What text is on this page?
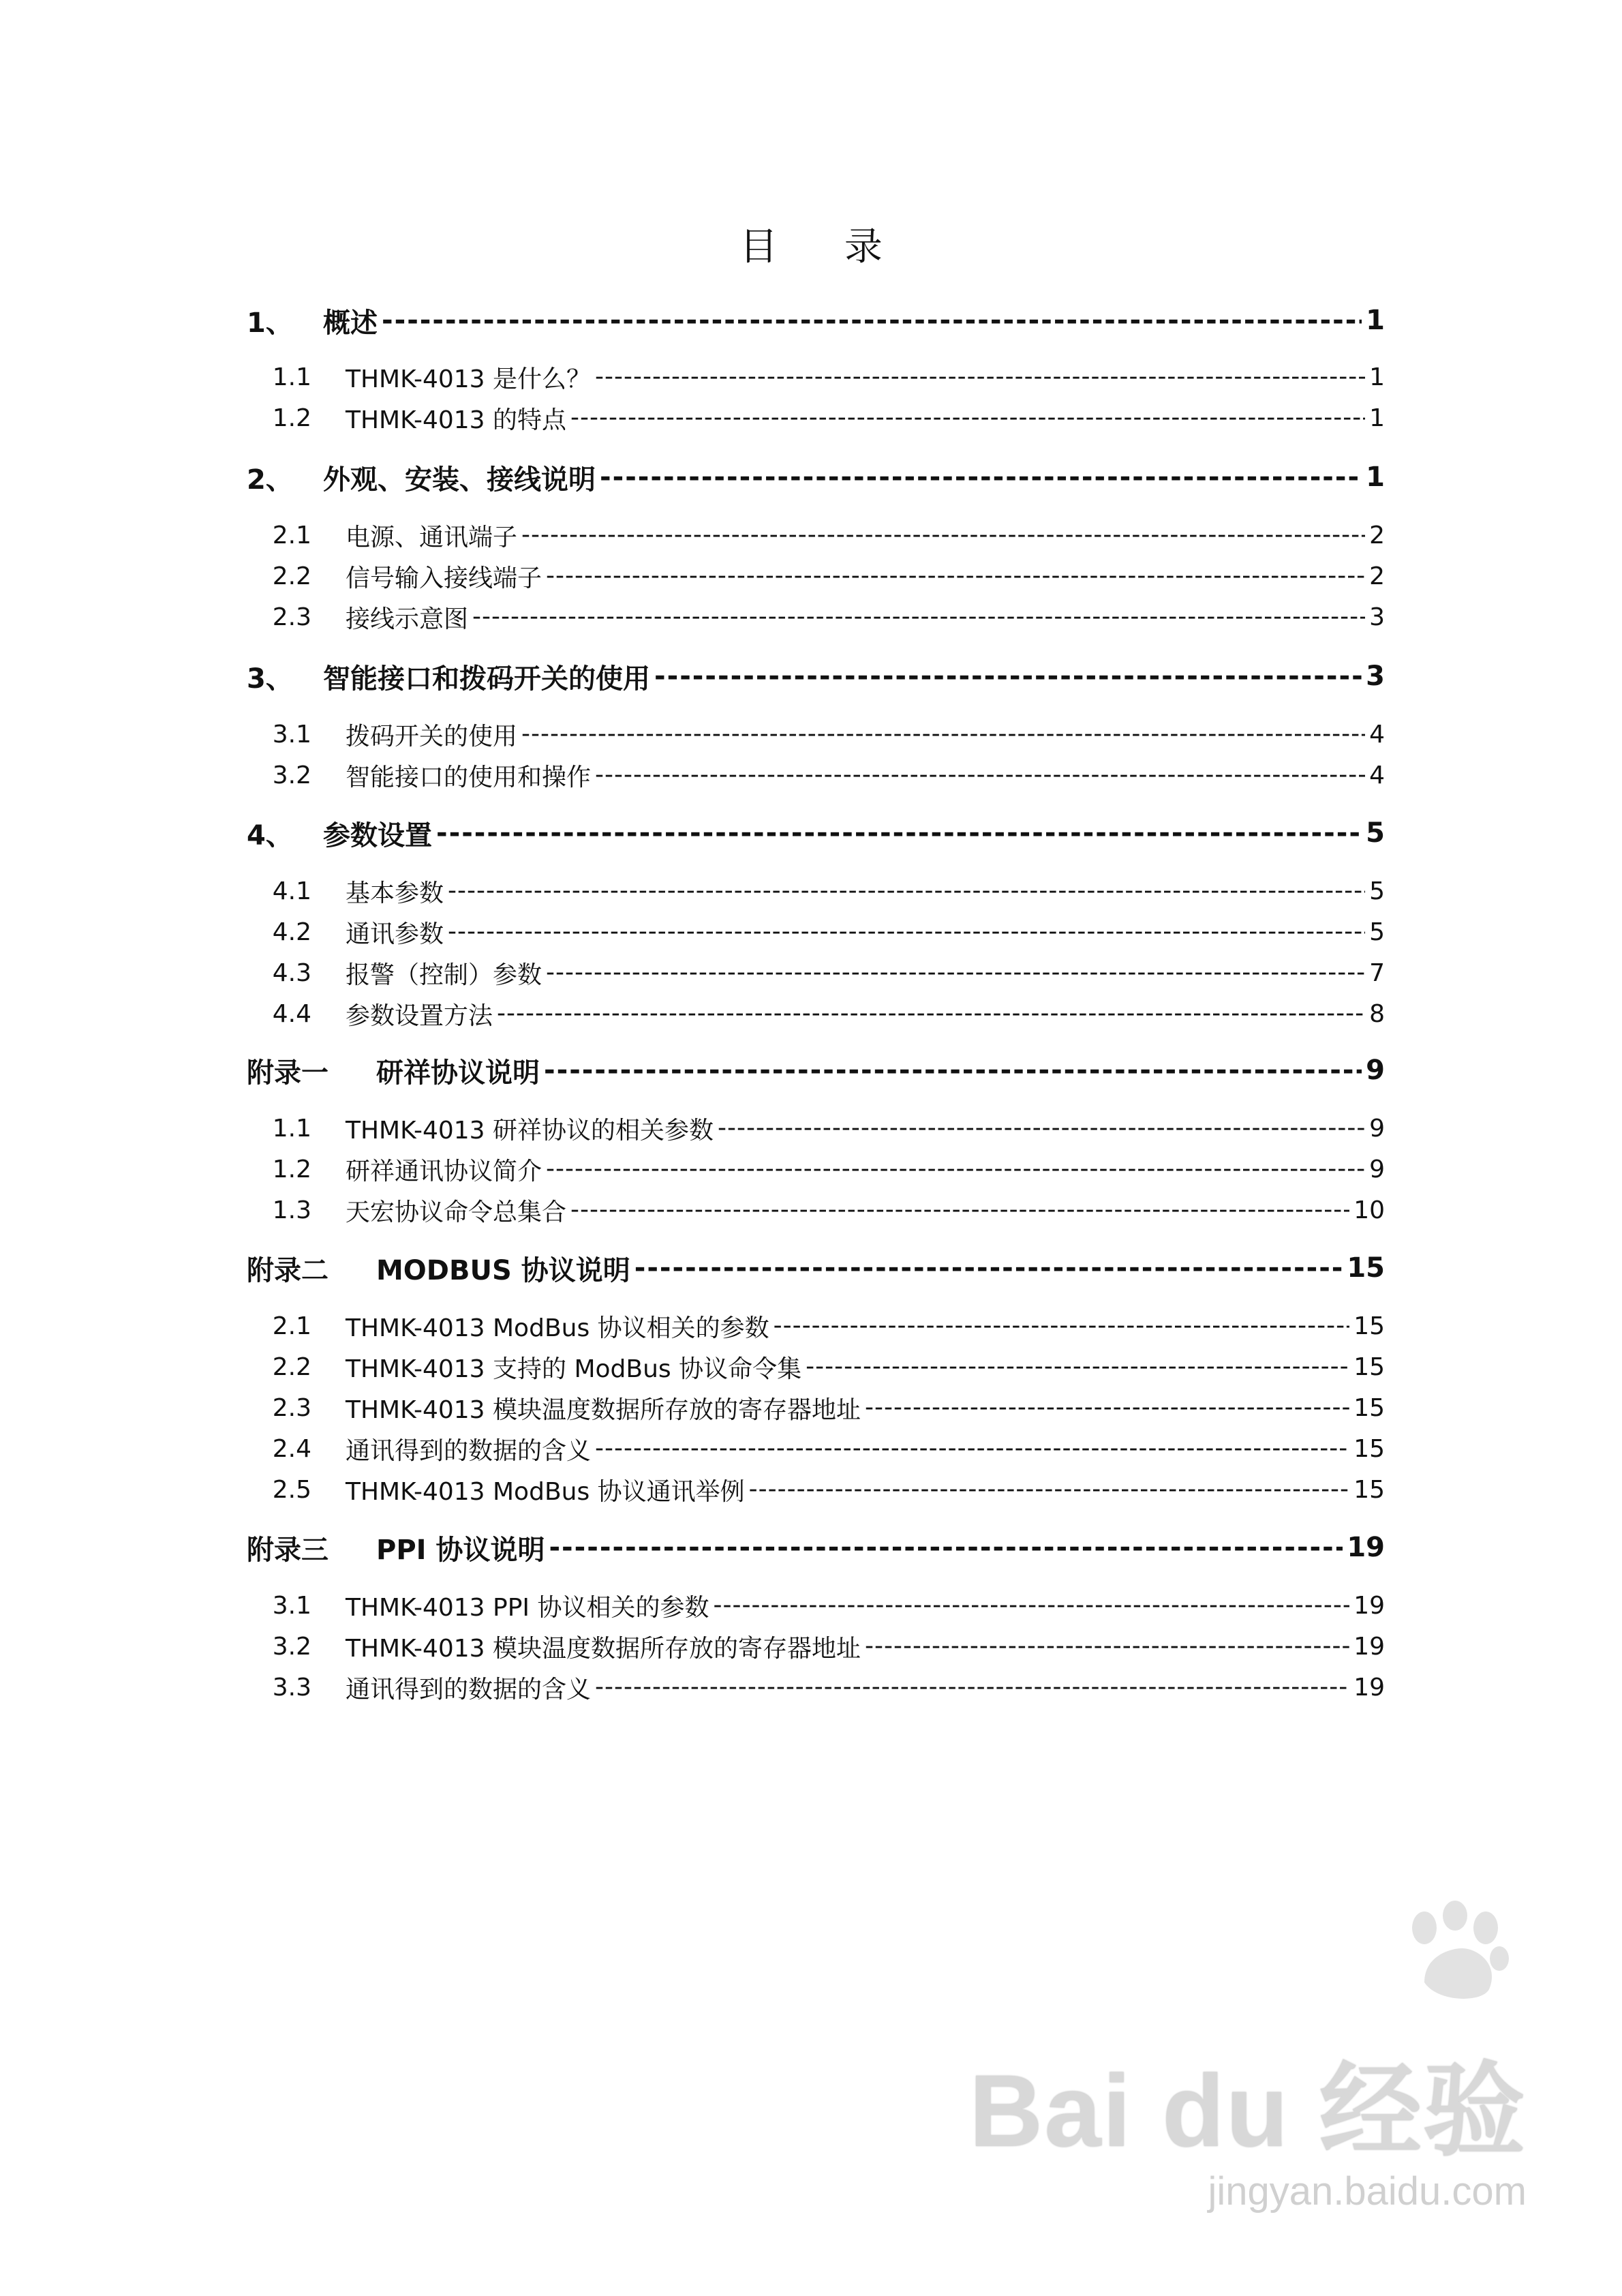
目 录
1、	概述 -----	1
1.1	THMK-4013 是什么？ -----	1
1.2	THMK-4013 的特点 -----	1
2、	外观、安装、接线说明 -----	1
2.1	电源、通讯端子 -----	2
2.2	信号输入接线端子 -----	2
2.3	接线示意图 -----	3
3、	智能接口和拨码开关的使用 -----	3
3.1	拨码开关的使用 -----	4
3.2	智能接口的使用和操作 -----	4
4、	参数设置 -----	5
4.1	基本参数 -----	5
4.2	通讯参数 -----	5
4.3	报警（控制）参数 -----	7
4.4	参数设置方法 -----	8
附录一	研祥协议说明 -----	9
1.1	THMK-4013 研祥协议的相关参数 -----	9
1.2	研祥通讯协议简介 -----	9
1.3	天宏协议命令总集合 -----	10
附录二	MODBUS 协议说明 -----	15
2.1	THMK-4013 ModBus 协议相关的参数 -----	15
2.2	THMK-4013 支持的 ModBus 协议命令集 -----	15
2.3	THMK-4013 模块温度数据所存放的寄存器地址 -----	15
2.4	通讯得到的数据的含义 -----	15
2.5	THMK-4013 ModBus 协议通讯举例 -----	15
附录三	PPI 协议说明 -----	19
3.1	THMK-4013 PPI 协议相关的参数 -----	19
3.2	THMK-4013 模块温度数据所存放的寄存器地址 -----	19
3.3	通讯得到的数据的含义 -----	19
Bai du 经验
jingyan.baidu.com
